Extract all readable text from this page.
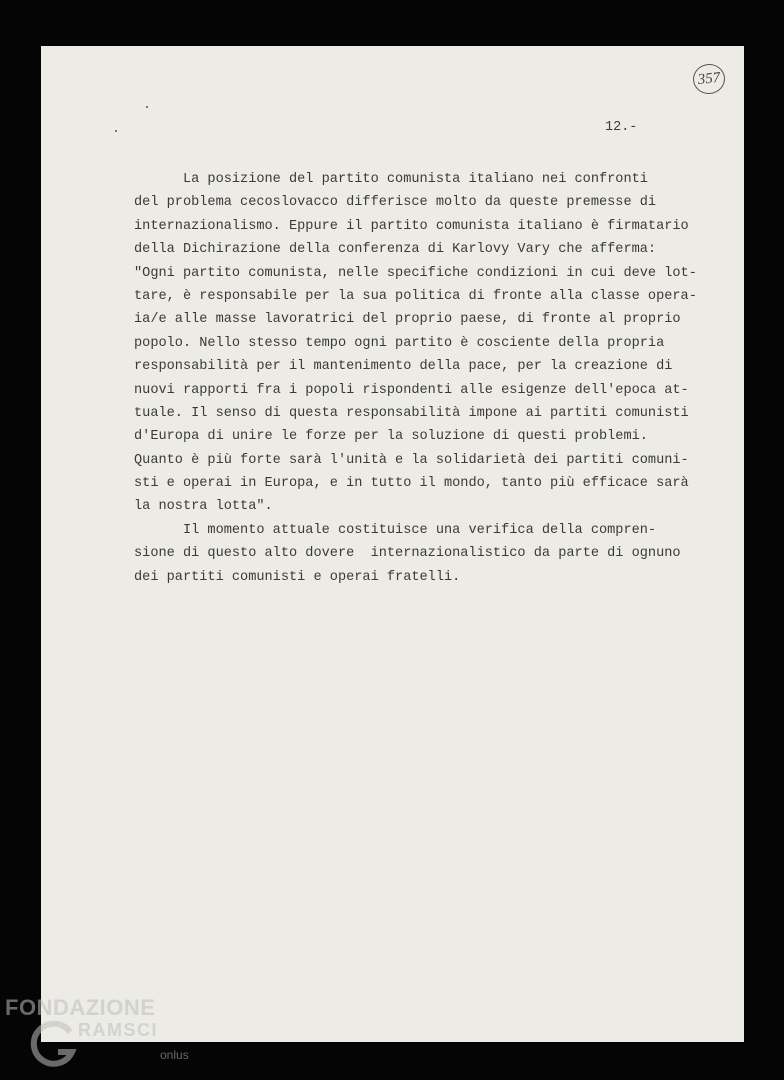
357
12.-
La posizione del partito comunista italiano nei confronti
del problema cecoslovacco differisce molto da queste premesse di
internazionalismo. Eppure il partito comunista italiano è firmatario
della Dichirazione della conferenza di Karlovy Vary che afferma:
"Ogni partito comunista, nelle specifiche condizioni in cui deve lot-
tare, è responsabile per la sua politica di fronte alla classe opera-
ia/e alle masse lavoratrici del proprio paese, di fronte al proprio
popolo. Nello stesso tempo ogni partito è cosciente della propria
responsabilità per il mantenimento della pace, per la creazione di
nuovi rapporti fra i popoli rispondenti alle esigenze dell'epoca at-
tuale. Il senso di questa responsabilità impone ai partiti comunisti
d'Europa di unire le forze per la soluzione di questi problemi.
Quanto è più forte sarà l'unità e la solidarietà dei partiti comuni-
sti e operai in Europa, e in tutto il mondo, tanto più efficace sarà
la nostra lotta".
Il momento attuale costituisce una verifica della compren-
sione di questo alto dovere  internazionalistico da parte di ognuno
dei partiti comunisti e operai fratelli.
FONDAZIONE
RAMSCI
onlus
